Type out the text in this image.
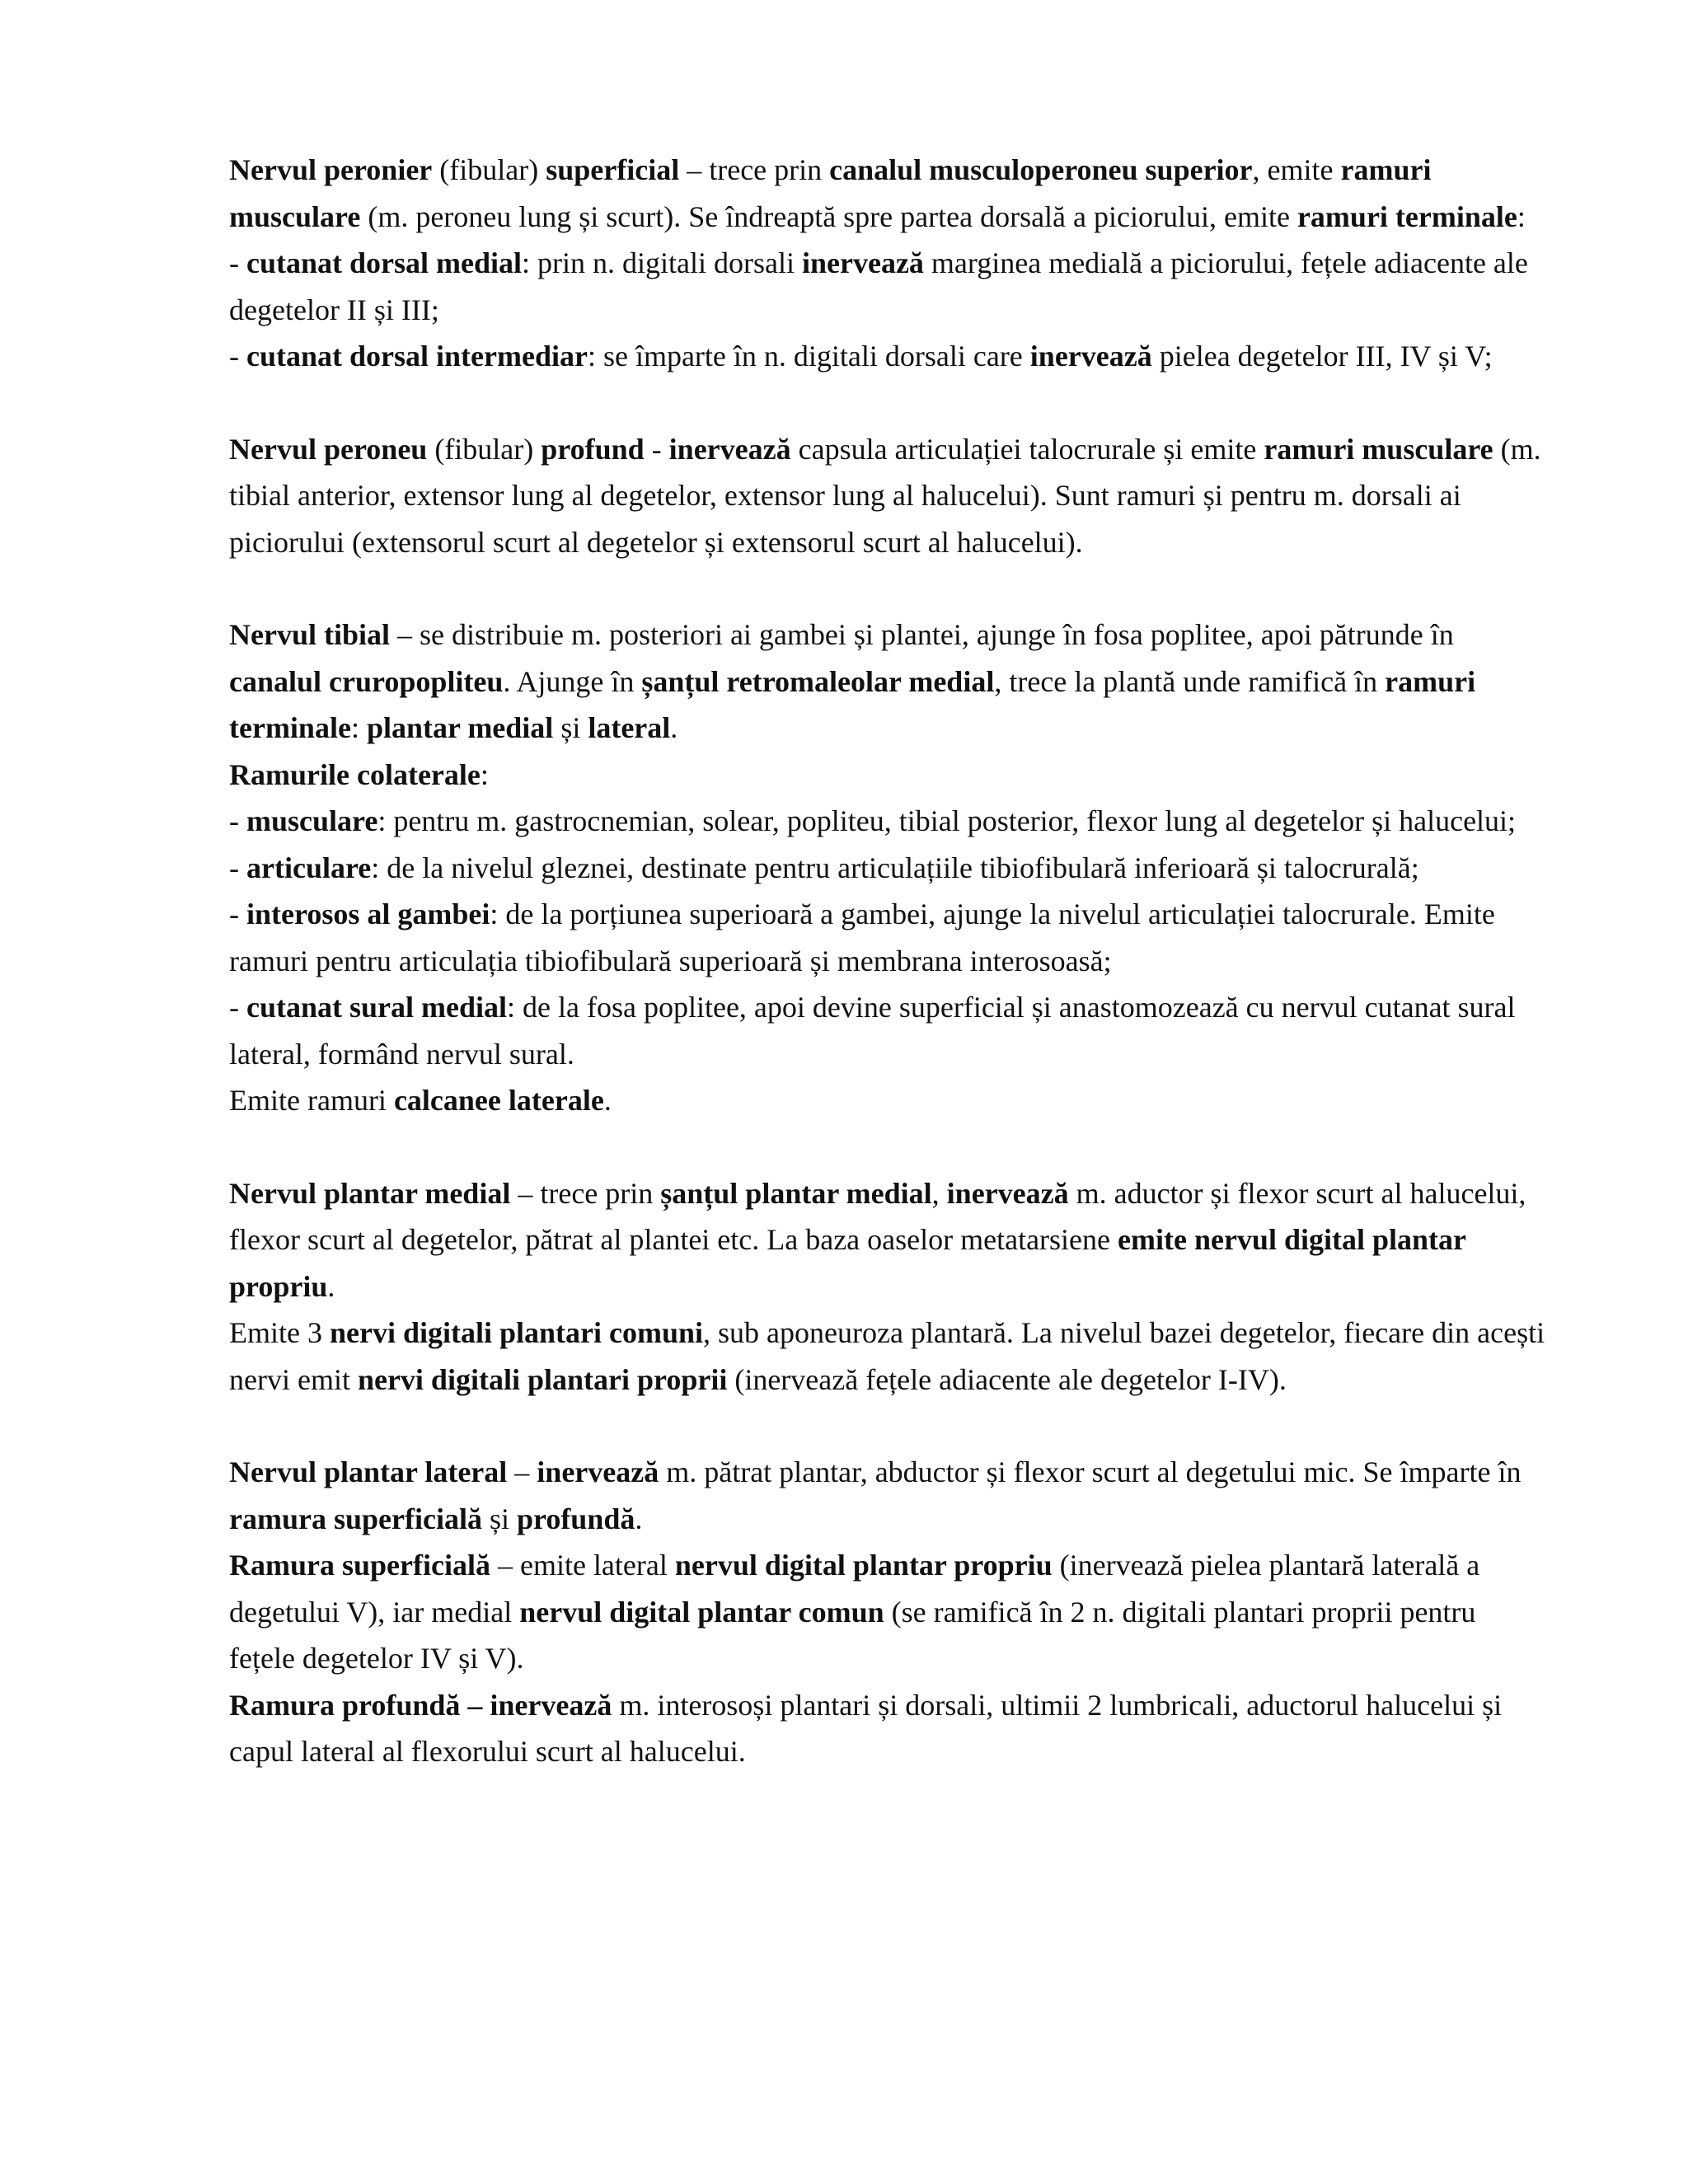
Nervul peronier (fibular) superficial – trece prin canalul musculoperoneu superior, emite ramuri musculare (m. peroneu lung și scurt). Se îndreaptă spre partea dorsală a piciorului, emite ramuri terminale:

- cutanat dorsal medial: prin n. digitali dorsali inervează marginea medială a piciorului, fețele adiacente ale degetelor II și III;

- cutanat dorsal intermediar: se împarte în n. digitali dorsali care inervează pielea degetelor III, IV și V;

Nervul peroneu (fibular) profund - inervează capsula articulației talocrurale și emite ramuri musculare (m. tibial anterior, extensor lung al degetelor, extensor lung al halucelui). Sunt ramuri și pentru m. dorsali ai piciorului (extensorul scurt al degetelor și extensorul scurt al halucelui).

Nervul tibial – se distribuie m. posteriori ai gambei și plantei, ajunge în fosa poplitee, apoi pătrunde în canalul cruropopliteu. Ajunge în șanțul retromaleolar medial, trece la plantă unde ramifică în ramuri terminale: plantar medial și lateral.

Ramurile colaterale:

- musculare: pentru m. gastrocnemian, solear, popliteu, tibial posterior, flexor lung al degetelor și halucelui;

- articulare: de la nivelul gleznei, destinate pentru articulațiile tibiofibulară inferioară și talocrurală;

- interosos al gambei: de la porțiunea superioară a gambei, ajunge la nivelul articulației talocrurale. Emite ramuri pentru articulația tibiofibulară superioară și membrana interosoasă;

- cutanat sural medial: de la fosa poplitee, apoi devine superficial și anastomozează cu nervul cutanat sural lateral, formând nervul sural.

Emite ramuri calcanee laterale.

Nervul plantar medial – trece prin șanțul plantar medial, inervează m. aductor și flexor scurt al halucelui, flexor scurt al degetelor, pătrat al plantei etc. La baza oaselor metatarsiene emite nervul digital plantar propriu.

Emite 3 nervi digitali plantari comuni, sub aponeuroza plantară. La nivelul bazei degetelor, fiecare din acești nervi emit nervi digitali plantari proprii (inervează fețele adiacente ale degetelor I-IV).

Nervul plantar lateral – inervează m. pătrat plantar, abductor și flexor scurt al degetului mic. Se împarte în ramura superficială și profundă.

Ramura superficială – emite lateral nervul digital plantar propriu (inervează pielea plantară laterală a degetului V), iar medial nervul digital plantar comun (se ramifică în 2 n. digitali plantari proprii pentru fețele degetelor IV și V).

Ramura profundă – inervează m. interosoși plantari și dorsali, ultimii 2 lumbricali, aductorul halucelui și capul lateral al flexorului scurt al halucelui.
